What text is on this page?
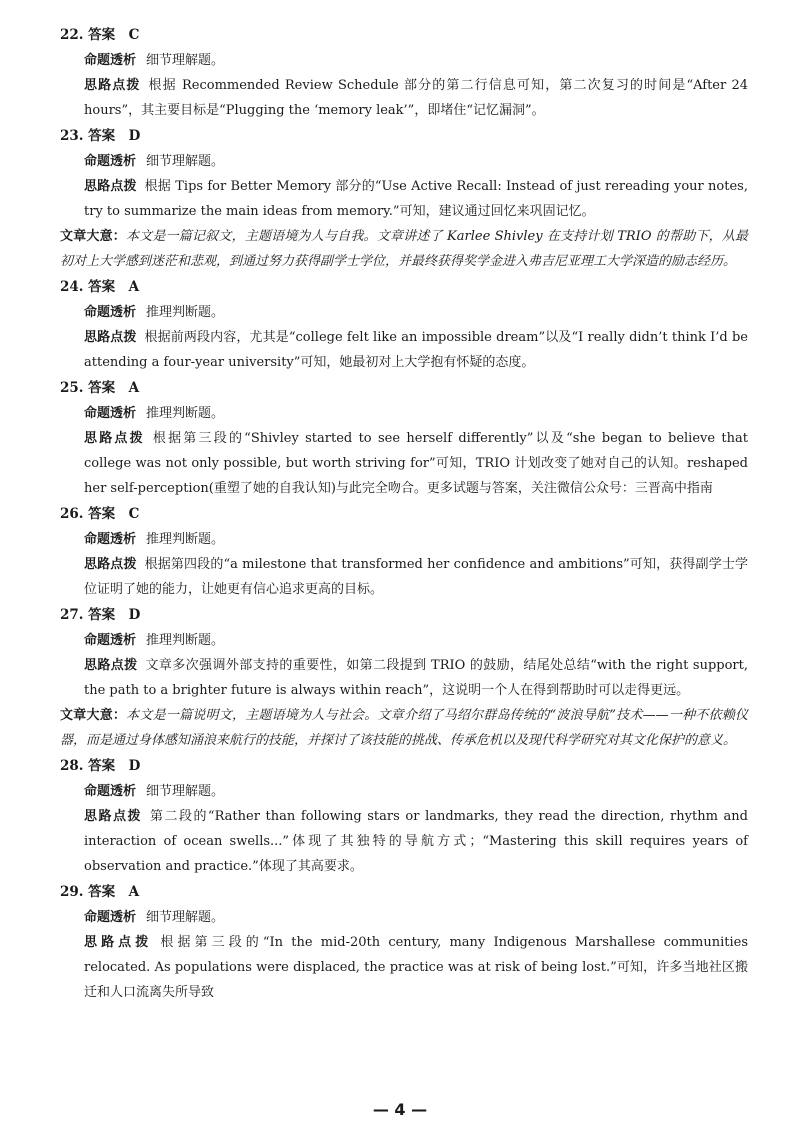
22. 答案　C

命题透析 细节理解题。

思路点拨 根据 Recommended Review Schedule 部分的第二行信息可知，第二次复习的时间是“After 24 hours”，其主要目标是“Plugging the ‘memory leak’”，即堵住“记忆漏洞”。

23. 答案　D

命题透析 细节理解题。

思路点拨 根据 Tips for Better Memory 部分的“Use Active Recall: Instead of just rereading your notes, try to summarize the main ideas from memory.”可知，建议通过回忆来巩固记忆。

文章大意：本文是一篇记叙文，主题语境为人与自我。文章讲述了 Karlee Shivley 在支持计划 TRIO 的帮助下，从最初对上大学感到迷茫和悲观，到通过努力获得副学士学位，并最终获得奖学金进入弗吉尼亚理工大学深造的励志经历。

24. 答案　A

命题透析 推理判断题。

思路点拨 根据前两段内容，尤其是“college felt like an impossible dream”以及“I really didn’t think I’d be attending a four-year university”可知，她最初对上大学抱有怀疑的态度。

25. 答案　A

命题透析 推理判断题。

思路点拨 根据第三段的“Shivley started to see herself differently”以及“she began to believe that college was not only possible, but worth striving for”可知，TRIO 计划改变了她对自己的认知。reshaped her self-perception(重塑了她的自我认知)与此完全吻合。更多试题与答案，关注微信公众号：三晋高中指南

26. 答案　C

命题透析 推理判断题。

思路点拨 根据第四段的“a milestone that transformed her confidence and ambitions”可知，获得副学士学位证明了她的能力，让她更有信心追求更高的目标。

27. 答案　D

命题透析 推理判断题。

思路点拨 文章多次强调外部支持的重要性，如第二段提到 TRIO 的鼓励，结尾处总结“with the right support, the path to a brighter future is always within reach”，这说明一个人在得到帮助时可以走得更远。

文章大意：本文是一篇说明文，主题语境为人与社会。文章介绍了马绍尔群岛传统的“波浪导航”技术——一种不依赖仪器，而是通过身体感知涌浪来航行的技能，并探讨了该技能的挑战、传承危机以及现代科学研究对其文化保护的意义。

28. 答案　D

命题透析 细节理解题。

思路点拨 第二段的“Rather than following stars or landmarks, they read the direction, rhythm and interaction of ocean swells...”体现了其独特的导航方式；“Mastering this skill requires years of observation and practice.”体现了其高要求。

29. 答案　A

命题透析 细节理解题。

思路点拨 根据第三段的“In the mid-20th century, many Indigenous Marshallese communities relocated. As populations were displaced, the practice was at risk of being lost.”可知，许多当地社区搬迁和人口流离失所导致

— 4 —
